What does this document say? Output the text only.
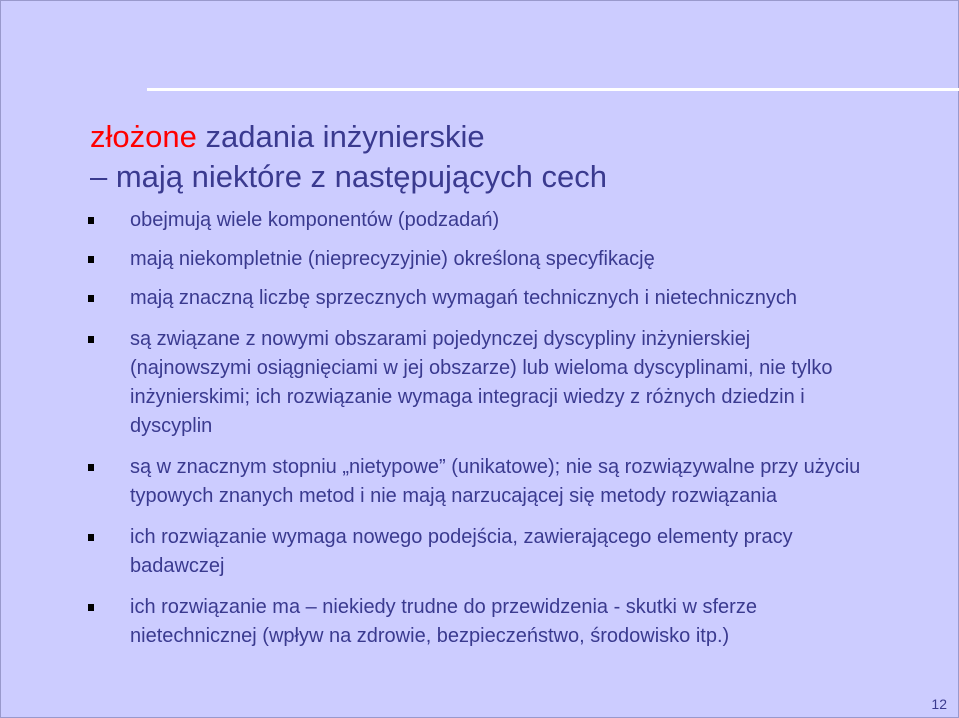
złożone zadania inżynierskie
– mają niektóre z następujących cech
obejmują wiele komponentów (podzadań)
mają niekompletnie (nieprecyzyjnie) określoną specyfikację
mają znaczną liczbę sprzecznych wymagań technicznych i nietechnicznych
są związane z nowymi obszarami pojedynczej dyscypliny inżynierskiej (najnowszymi osiągnięciami w jej obszarze) lub wieloma dyscyplinami, nie tylko inżynierskimi; ich rozwiązanie wymaga integracji wiedzy z różnych dziedzin i dyscyplin
są w znacznym stopniu „nietypowe” (unikatowe); nie są rozwiązywalne przy użyciu typowych znanych metod i nie mają narzucającej się metody rozwiązania
ich rozwiązanie wymaga nowego podejścia, zawierającego elementy pracy badawczej
ich rozwiązanie ma – niekiedy trudne do przewidzenia - skutki w sferze nietechnicznej (wpływ na zdrowie, bezpieczeństwo, środowisko itp.)
12
